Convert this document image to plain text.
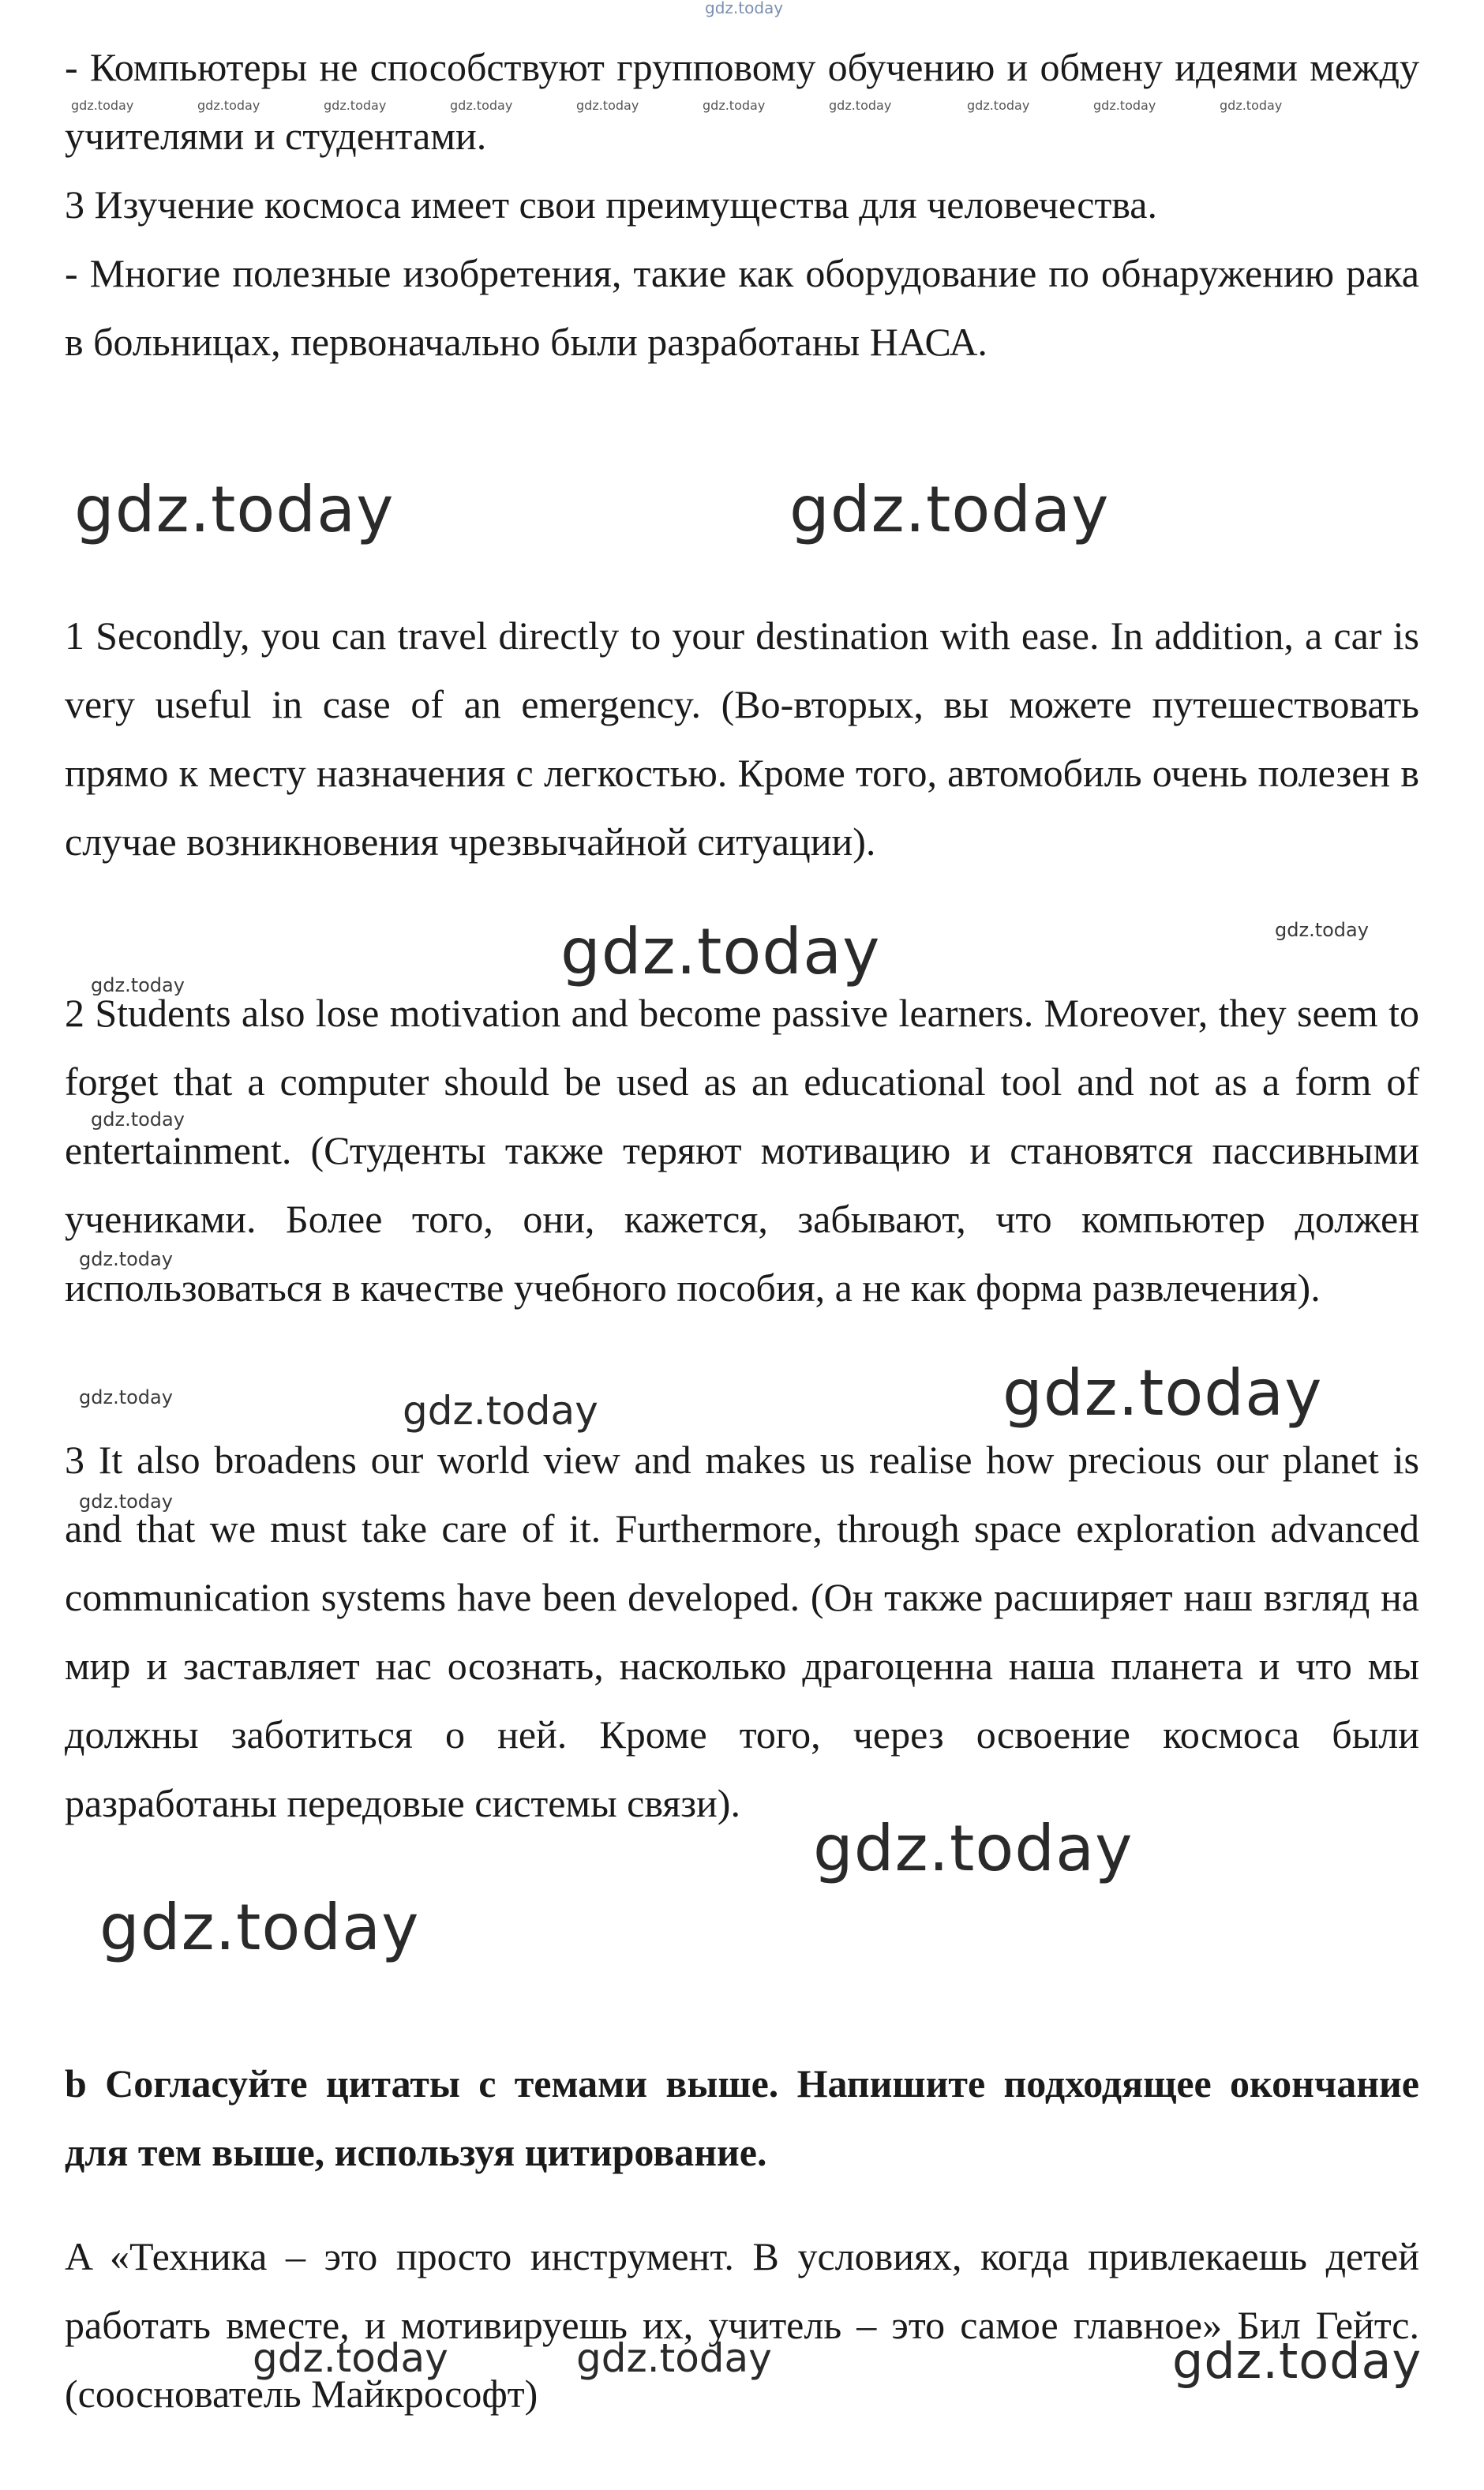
- Компьютеры не способствуют групповому обучению и обмену идеями между учителями и студентами.

3 Изучение космоса имеет свои преимущества для человечества.

- Многие полезные изобретения, такие как оборудование по обнаружению рака в больницах, первоначально были разработаны НАСА.

1 Secondly, you can travel directly to your destination with ease. In addition, a car is very useful in case of an emergency. (Во-вторых, вы можете путешествовать прямо к месту назначения с легкостью. Кроме того, автомобиль очень полезен в случае возникновения чрезвычайной ситуации).

2 Students also lose motivation and become passive learners. Moreover, they seem to forget that a computer should be used as an educational tool and not as a form of entertainment. (Студенты также теряют мотивацию и становятся пассивными учениками. Более того, они, кажется, забывают, что компьютер должен использоваться в качестве учебного пособия, а не как форма развлечения).

3 It also broadens our world view and makes us realise how precious our planet is and that we must take care of it. Furthermore, through space exploration advanced communication systems have been developed. (Он также расширяет наш взгляд на мир и заставляет нас осознать, насколько драгоценна наша планета и что мы должны заботиться о ней. Кроме того, через освоение космоса были разработаны передовые системы связи).

b Согласуйте цитаты с темами выше. Напишите подходящее окончание для тем выше, используя цитирование.

A «Техника – это просто инструмент. В условиях, когда привлекаешь детей работать вместе, и мотивируешь их, учитель – это самое главное» Бил Гейтс. (сооснователь Майкрософт)

gdz.today
gdz.today	gdz.today	gdz.today	gdz.today	gdz.today	gdz.today	gdz.today	gdz.today	gdz.today	gdz.today
gdz.today	gdz.today
gdz.today
gdz.today
gdz.today
gdz.today
gdz.today
gdz.today	gdz.today	gdz.today
gdz.today
gdz.today
gdz.today
gdz.today	gdz.today	gdz.today
